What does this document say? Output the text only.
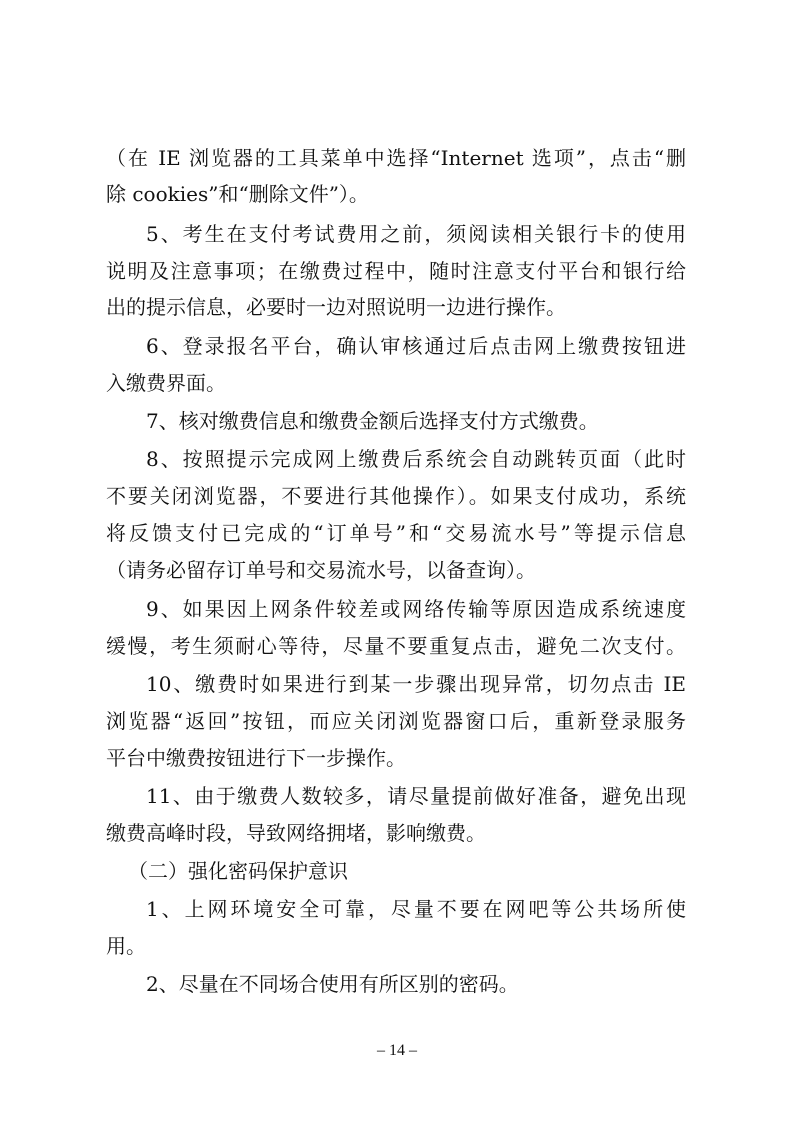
（在 IE 浏览器的工具菜单中选择“Internet 选项”，点击“删
除 cookies”和“删除文件”）。
5、考生在支付考试费用之前，须阅读相关银行卡的使用
说明及注意事项；在缴费过程中，随时注意支付平台和银行给
出的提示信息，必要时一边对照说明一边进行操作。
6、登录报名平台，确认审核通过后点击网上缴费按钮进
入缴费界面。
7、核对缴费信息和缴费金额后选择支付方式缴费。
8、按照提示完成网上缴费后系统会自动跳转页面（此时
不要关闭浏览器，不要进行其他操作）。如果支付成功，系统
将反馈支付已完成的“订单号”和“交易流水号”等提示信息
（请务必留存订单号和交易流水号，以备查询）。
9、如果因上网条件较差或网络传输等原因造成系统速度
缓慢，考生须耐心等待，尽量不要重复点击，避免二次支付。
10、缴费时如果进行到某一步骤出现异常，切勿点击 IE
浏览器“返回”按钮，而应关闭浏览器窗口后，重新登录服务
平台中缴费按钮进行下一步操作。
11、由于缴费人数较多，请尽量提前做好准备，避免出现
缴费高峰时段，导致网络拥堵，影响缴费。
（二）强化密码保护意识
1、上网环境安全可靠，尽量不要在网吧等公共场所使
用。
2、尽量在不同场合使用有所区别的密码。
– 14 –
